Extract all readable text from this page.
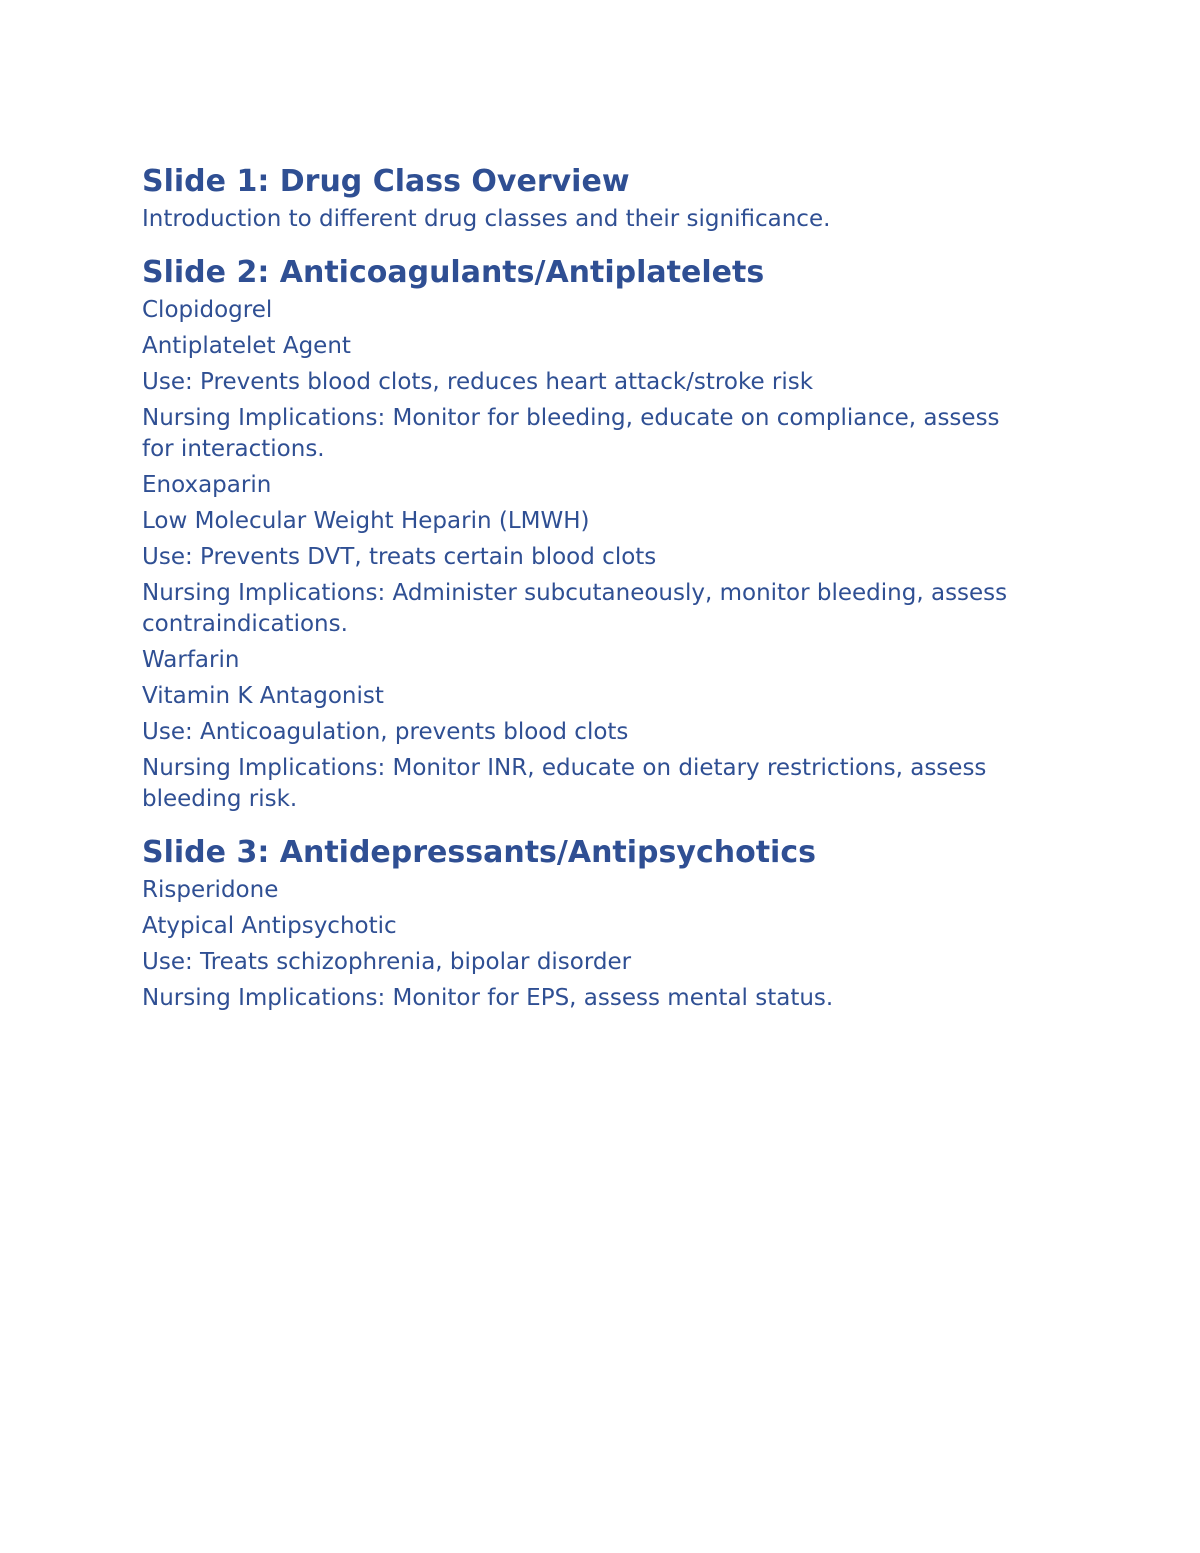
Slide 1: Drug Class Overview
Introduction to different drug classes and their significance.
Slide 2: Anticoagulants/Antiplatelets
Clopidogrel
Antiplatelet Agent
Use: Prevents blood clots, reduces heart attack/stroke risk
Nursing Implications: Monitor for bleeding, educate on compliance, assess for interactions.
Enoxaparin
Low Molecular Weight Heparin (LMWH)
Use: Prevents DVT, treats certain blood clots
Nursing Implications: Administer subcutaneously, monitor bleeding, assess contraindications.
Warfarin
Vitamin K Antagonist
Use: Anticoagulation, prevents blood clots
Nursing Implications: Monitor INR, educate on dietary restrictions, assess bleeding risk.
Slide 3: Antidepressants/Antipsychotics
Risperidone
Atypical Antipsychotic
Use: Treats schizophrenia, bipolar disorder
Nursing Implications: Monitor for EPS, assess mental status.
